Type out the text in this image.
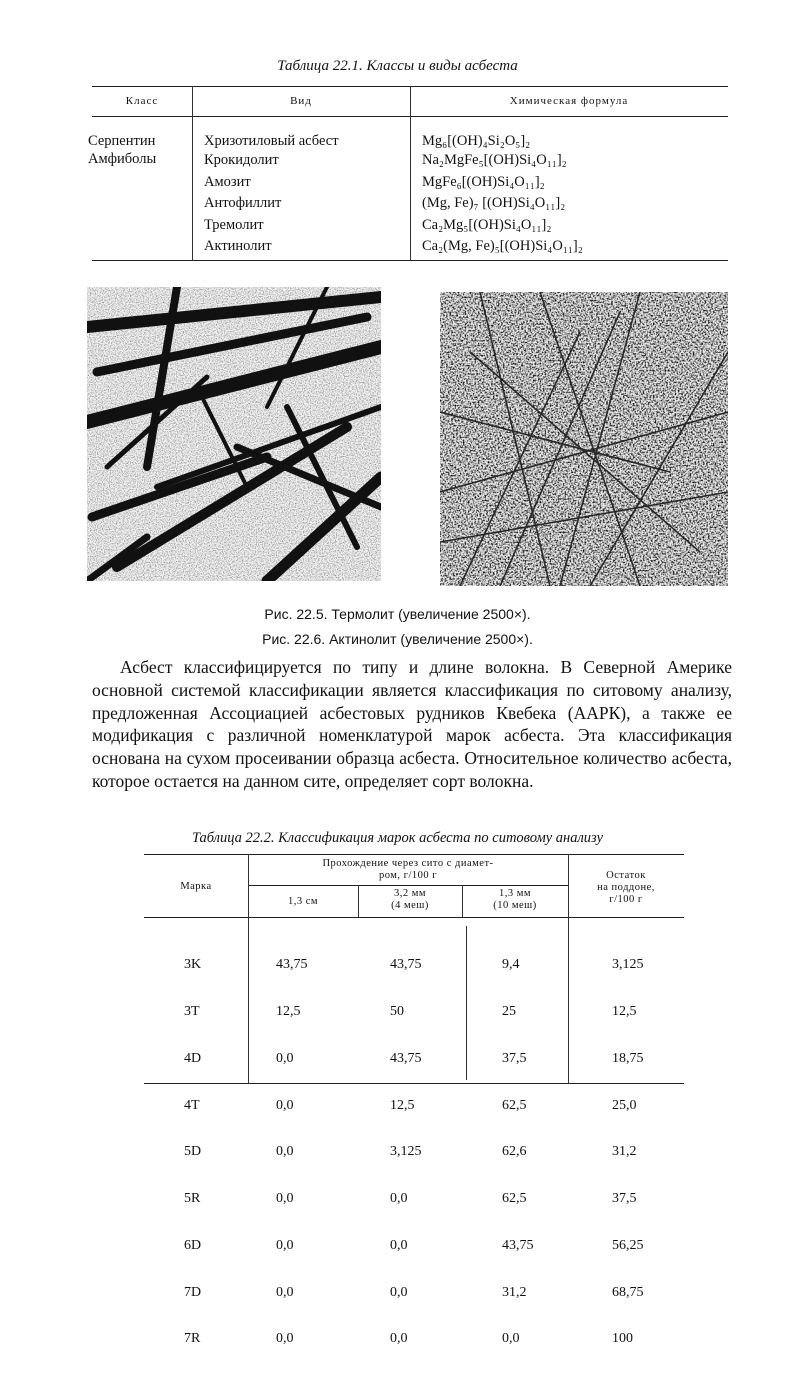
Таблица 22.1. Классы и виды асбеста
Класс	Вид	Химическая формула
Серпентин
Амфиболы
Хризотиловый асбест
Крокидолит
Амозит
Антофиллит
Тремолит
Актинолит
Mg₆[(OH)₄Si₂O₅]₂
Na₂MgFe₅[(OH)Si₄O₁₁]₂
MgFe₆[(OH)Si₄O₁₁]₂
(Mg, Fe)₇ [(OH)Si₄O₁₁]₂
Ca₂Mg₅[(OH)Si₄O₁₁]₂
Ca₂(Mg, Fe)₅[(OH)Si₄O₁₁]₂
Рис. 22.5. Термолит (увеличение 2500×).
Рис. 22.6. Актинолит (увеличение 2500×).
Асбест классифицируется по типу и длине волокна. В Северной Америке основной системой классификации является классификация по ситовому анализу, предложенная Ассоциацией асбестовых рудников Квебека (ААРК), а также ее модификация с различной номенклатурой марок асбеста. Эта классификация основана на сухом просеивании образца асбеста. Относительное количество асбеста, которое остается на данном сите, определяет сорт волокна.
Таблица 22.2. Классификация марок асбеста по ситовому анализу
Марка
Прохождение через сито с диамет-
ром, г/100 г
1,3 см
3,2 мм
(4 меш)
1,3 мм
(10 меш)
Остаток
на поддоне,
г/100 г

3K

3T

4D

4T

5D

5R

6D

7D

7R

43,75

12,5

0,0

0,0

0,0

0,0

0,0

0,0

0,0

43,75

50

43,75

12,5

3,125

0,0

0,0

0,0

0,0

9,4

25

37,5

62,5

62,6

62,5

43,75

31,2

0,0

3,125

12,5

18,75

25,0

31,2

37,5

56,25

68,75

100
